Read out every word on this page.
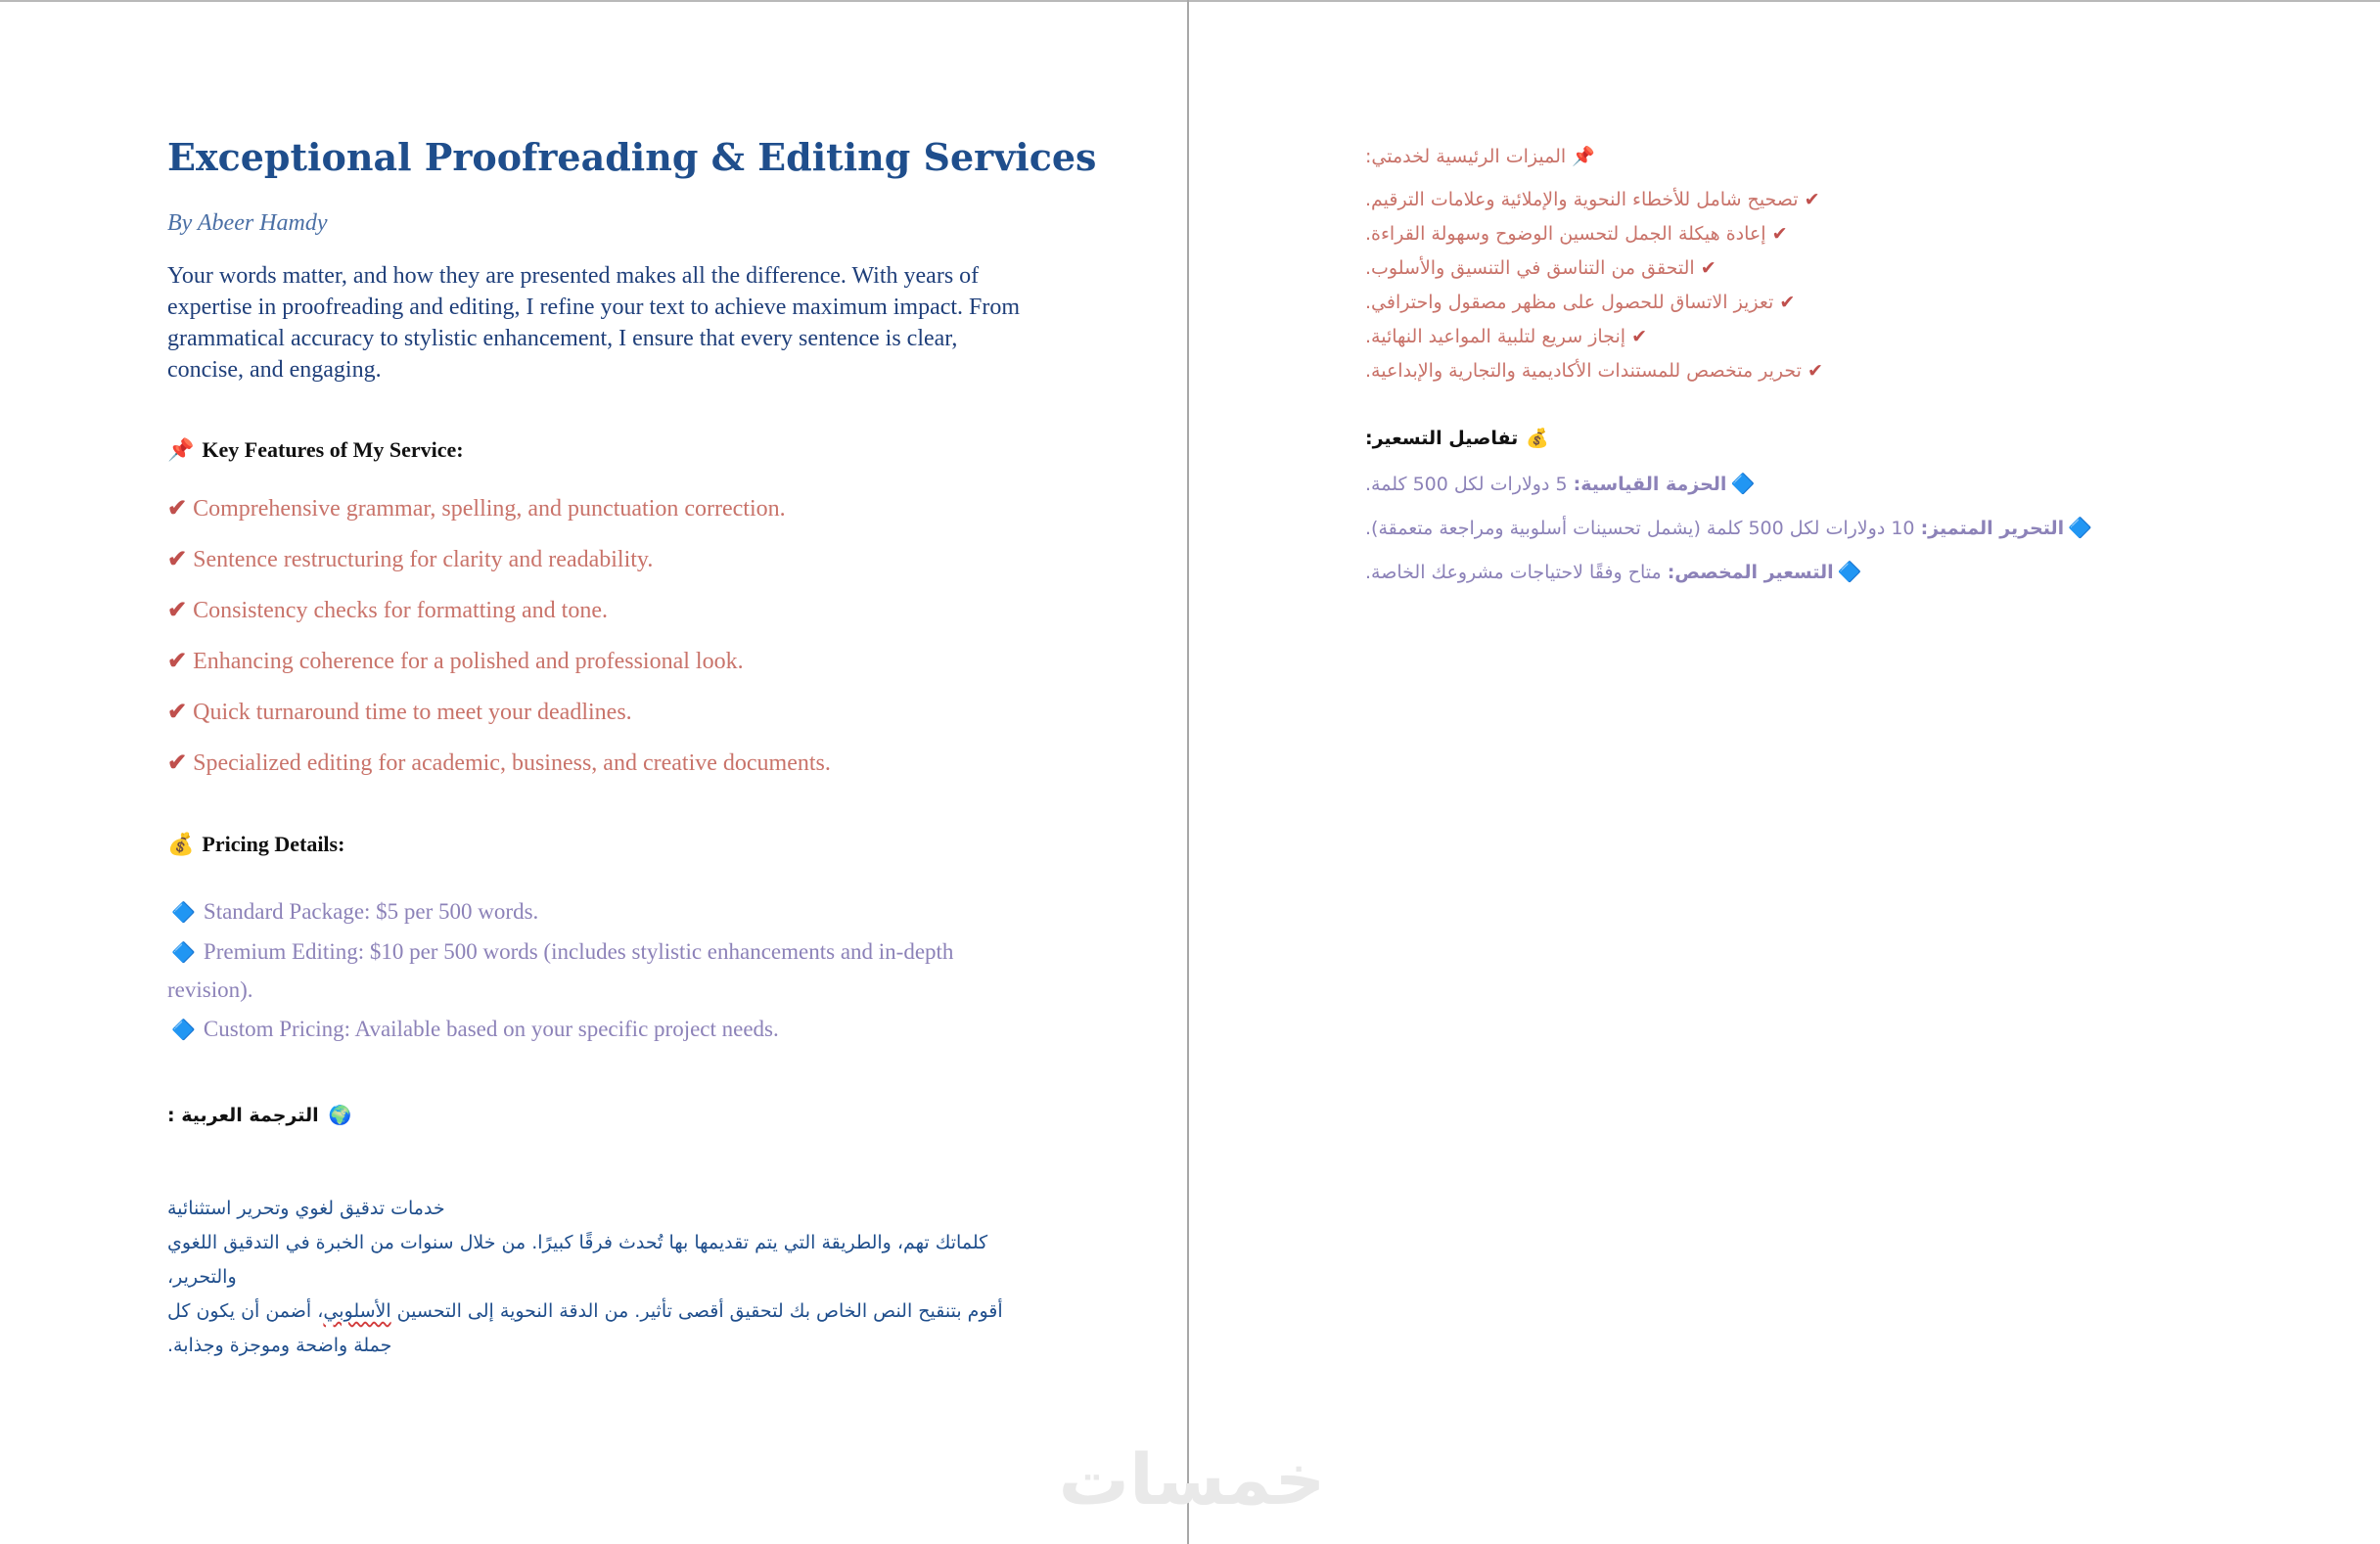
Exceptional Proofreading & Editing Services
By Abeer Hamdy

Your words matter, and how they are presented makes all the difference. With years of expertise in proofreading and editing, I refine your text to achieve maximum impact. From grammatical accuracy to stylistic enhancement, I ensure that every sentence is clear, concise, and engaging.

📌 Key Features of My Service:
✔ Comprehensive grammar, spelling, and punctuation correction.
✔ Sentence restructuring for clarity and readability.
✔ Consistency checks for formatting and tone.
✔ Enhancing coherence for a polished and professional look.
✔ Quick turnaround time to meet your deadlines.
✔ Specialized editing for academic, business, and creative documents.
💰 Pricing Details:
🔷 Standard Package: $5 per 500 words.
🔷 Premium Editing: $10 per 500 words (includes stylistic enhancements and in-depth revision).
🔷 Custom Pricing: Available based on your specific project needs.
🌍
الترجمة العربية :

خدمات تدقيق لغوي وتحرير استثنائية

كلماتك تهم، والطريقة التي يتم تقديمها بها تُحدث فرقًا كبيرًا. من خلال سنوات من الخبرة في التدقيق اللغوي والتحرير،

أقوم بتنقيح النص الخاص بك لتحقيق أقصى تأثير. من الدقة النحوية إلى التحسين الأسلوبي، أضمن أن يكون كل جملة واضحة وموجزة وجذابة.

خمسات
📌 الميزات الرئيسية لخدمتي:
✔ تصحيح شامل للأخطاء النحوية والإملائية وعلامات الترقيم.
✔ إعادة هيكلة الجمل لتحسين الوضوح وسهولة القراءة.
✔ التحقق من التناسق في التنسيق والأسلوب.
✔ تعزيز الاتساق للحصول على مظهر مصقول واحترافي.
✔ إنجاز سريع لتلبية المواعيد النهائية.
✔ تحرير متخصص للمستندات الأكاديمية والتجارية والإبداعية.
💰
تفاصيل التسعير:
🔷الحزمة القياسية: 5 دولارات لكل 500 كلمة.
🔷التحرير المتميز: 10 دولارات لكل 500 كلمة (يشمل تحسينات أسلوبية ومراجعة متعمقة).
🔷التسعير المخصص: متاح وفقًا لاحتياجات مشروعك الخاصة.
